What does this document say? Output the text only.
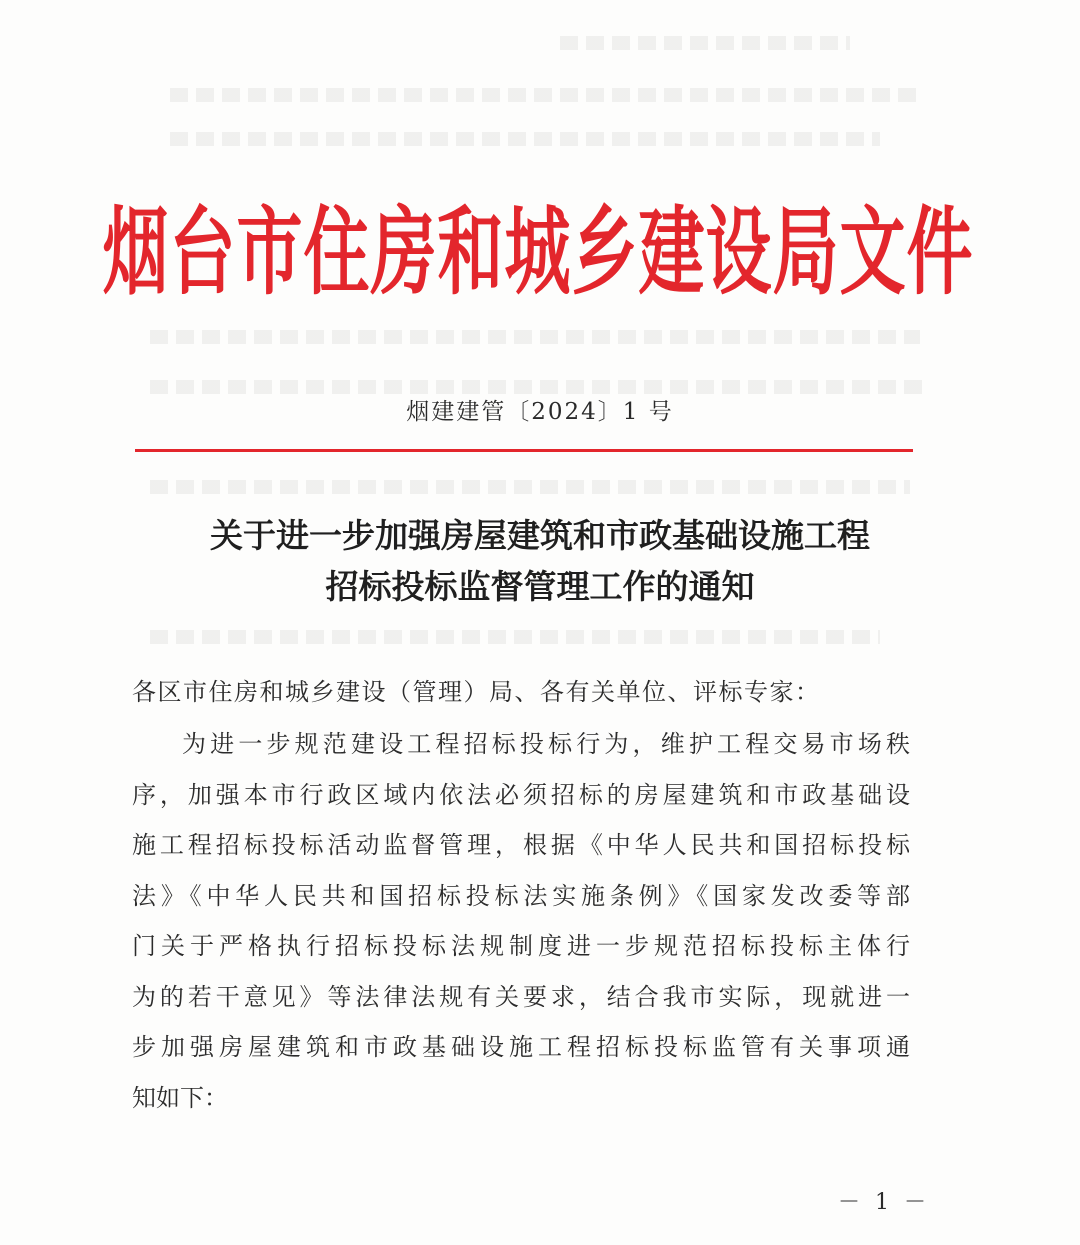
烟台市住房和城乡建设局文件
烟建建管〔2024〕1 号
关于进一步加强房屋建筑和市政基础设施工程
招标投标监督管理工作的通知
各区市住房和城乡建设（管理）局、各有关单位、评标专家：
为进一步规范建设工程招标投标行为，维护工程交易市场秩
序，加强本市行政区域内依法必须招标的房屋建筑和市政基础设
施工程招标投标活动监督管理，根据《中华人民共和国招标投标
法》《中华人民共和国招标投标法实施条例》《国家发改委等部
门关于严格执行招标投标法规制度进一步规范招标投标主体行
为的若干意见》等法律法规有关要求，结合我市实际，现就进一
步加强房屋建筑和市政基础设施工程招标投标监管有关事项通
知如下：
－ 1 －
